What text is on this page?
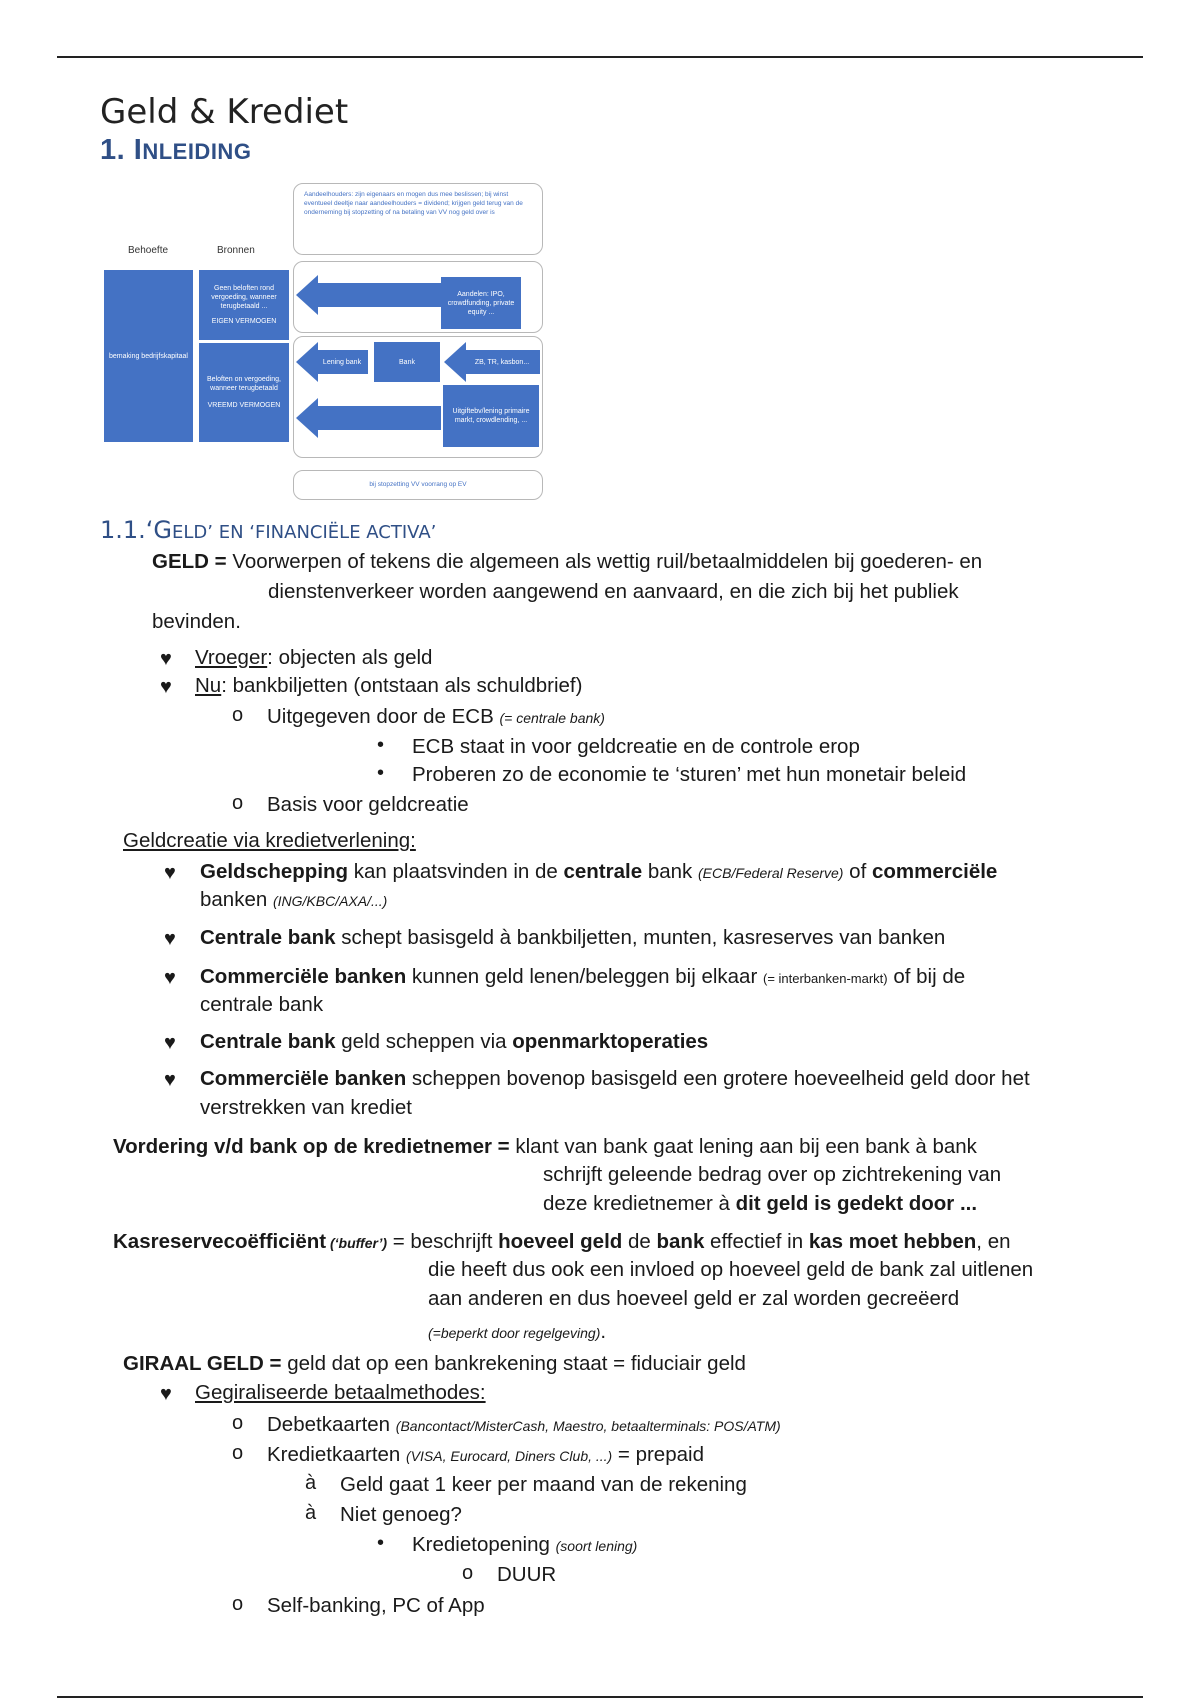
Geld & Krediet
1. INLEIDING
Aandeelhouders: zijn eigenaars en mogen dus mee beslissen; bij winst eventueel deeltje naar aandeelhouders = dividend; krijgen geld terug van de onderneming bij stopzetting of na betaling van VV nog geld over is
Behoefte	Bronnen
bemaking bedrijfskapitaal
Geen beloften rond vergoeding, wanneer terugbetaald ...
EIGEN VERMOGEN
Beloften on vergoeding, wanneer terugbetaald
VREEMD VERMOGEN
Aandelen: IPO, crowdfunding, private equity ...
Lening bank	Bank	ZB, TR, kasbon...
Uitgiftebv/lening primaire markt, crowdlending, ...
bij stopzetting VV voorrang op EV
1.1.‘GELD’ EN ‘FINANCIËLE ACTIVA’
GELD = Voorwerpen of tekens die algemeen als wettig ruil/betaalmiddelen bij goederen- en
dienstenverkeer worden aangewend en aanvaard, en die zich bij het publiek
bevinden.
♥ Vroeger: objecten als geld
♥ Nu: bankbiljetten (ontstaan als schuldbrief)
o Uitgegeven door de ECB (= centrale bank)
• ECB staat in voor geldcreatie en de controle erop
• Proberen zo de economie te ‘sturen’ met hun monetair beleid
o Basis voor geldcreatie
Geldcreatie via kredietverlening:
♥ Geldschepping kan plaatsvinden in de centrale bank (ECB/Federal Reserve) of commerciële
banken (ING/KBC/AXA/...)
♥ Centrale bank schept basisgeld à bankbiljetten, munten, kasreserves van banken
♥ Commerciële banken kunnen geld lenen/beleggen bij elkaar (= interbanken-markt) of bij de
centrale bank
♥ Centrale bank geld scheppen via openmarktoperaties
♥ Commerciële banken scheppen bovenop basisgeld een grotere hoeveelheid geld door het
verstrekken van krediet
Vordering v/d bank op de kredietnemer = klant van bank gaat lening aan bij een bank à bank
schrijft geleende bedrag over op zichtrekening van
deze kredietnemer à dit geld is gedekt door ...
Kasreservecoëfficiënt (‘buffer’) = beschrijft hoeveel geld de bank effectief in kas moet hebben, en
die heeft dus ook een invloed op hoeveel geld de bank zal uitlenen
aan anderen en dus hoeveel geld er zal worden gecreëerd
(=beperkt door regelgeving).
GIRAAL GELD = geld dat op een bankrekening staat = fiduciair geld
♥ Gegiraliseerde betaalmethodes:
o Debetkaarten (Bancontact/MisterCash, Maestro, betaalterminals: POS/ATM)
o Kredietkaarten (VISA, Eurocard, Diners Club, ...) = prepaid
à Geld gaat 1 keer per maand van de rekening
à Niet genoeg?
• Kredietopening (soort lening)
o DUUR
o Self-banking, PC of App
